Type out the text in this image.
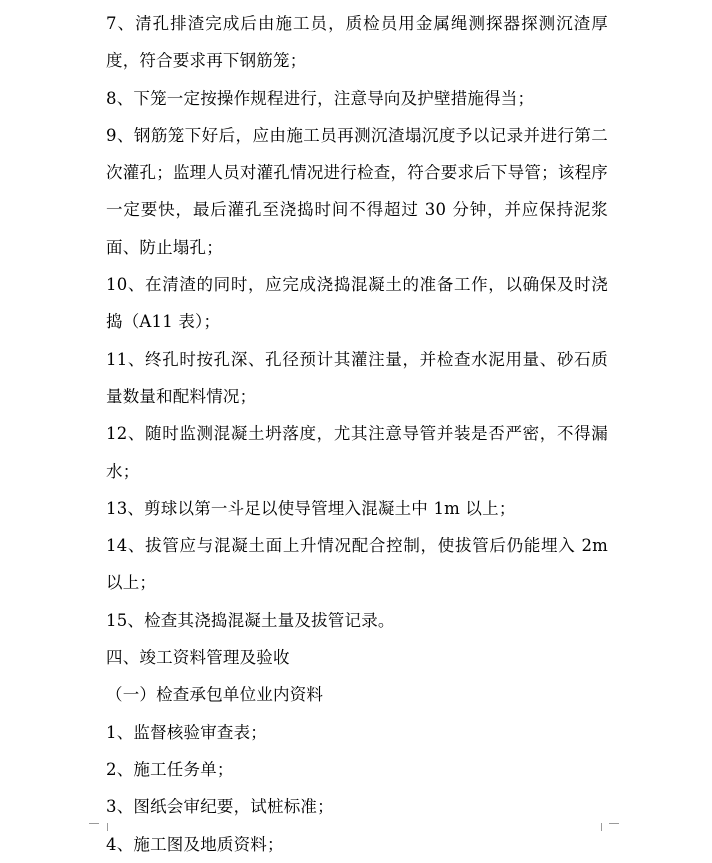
7、清孔排渣完成后由施工员，质检员用金属绳测探器探测沉渣厚度，符合要求再下钢筋笼；

8、下笼一定按操作规程进行，注意导向及护壁措施得当；

9、钢筋笼下好后，应由施工员再测沉渣塌沉度予以记录并进行第二次灌孔；监理人员对灌孔情况进行检查，符合要求后下导管；该程序一定要快，最后灌孔至浇捣时间不得超过 30 分钟，并应保持泥浆面、防止塌孔；

10、在清渣的同时，应完成浇捣混凝土的准备工作，以确保及时浇捣（A11 表）；

11、终孔时按孔深、孔径预计其灌注量，并检查水泥用量、砂石质量数量和配料情况；

12、随时监测混凝土坍落度，尤其注意导管并装是否严密，不得漏水；

13、剪球以第一斗足以使导管埋入混凝土中 1m 以上；

14、拔管应与混凝土面上升情况配合控制，使拔管后仍能埋入 2m 以上；

15、检查其浇捣混凝土量及拔管记录。

四、竣工资料管理及验收

（一）检查承包单位业内资料

1、监督核验审查表；

2、施工任务单；

3、图纸会审纪要，试桩标准；

4、施工图及地质资料；
